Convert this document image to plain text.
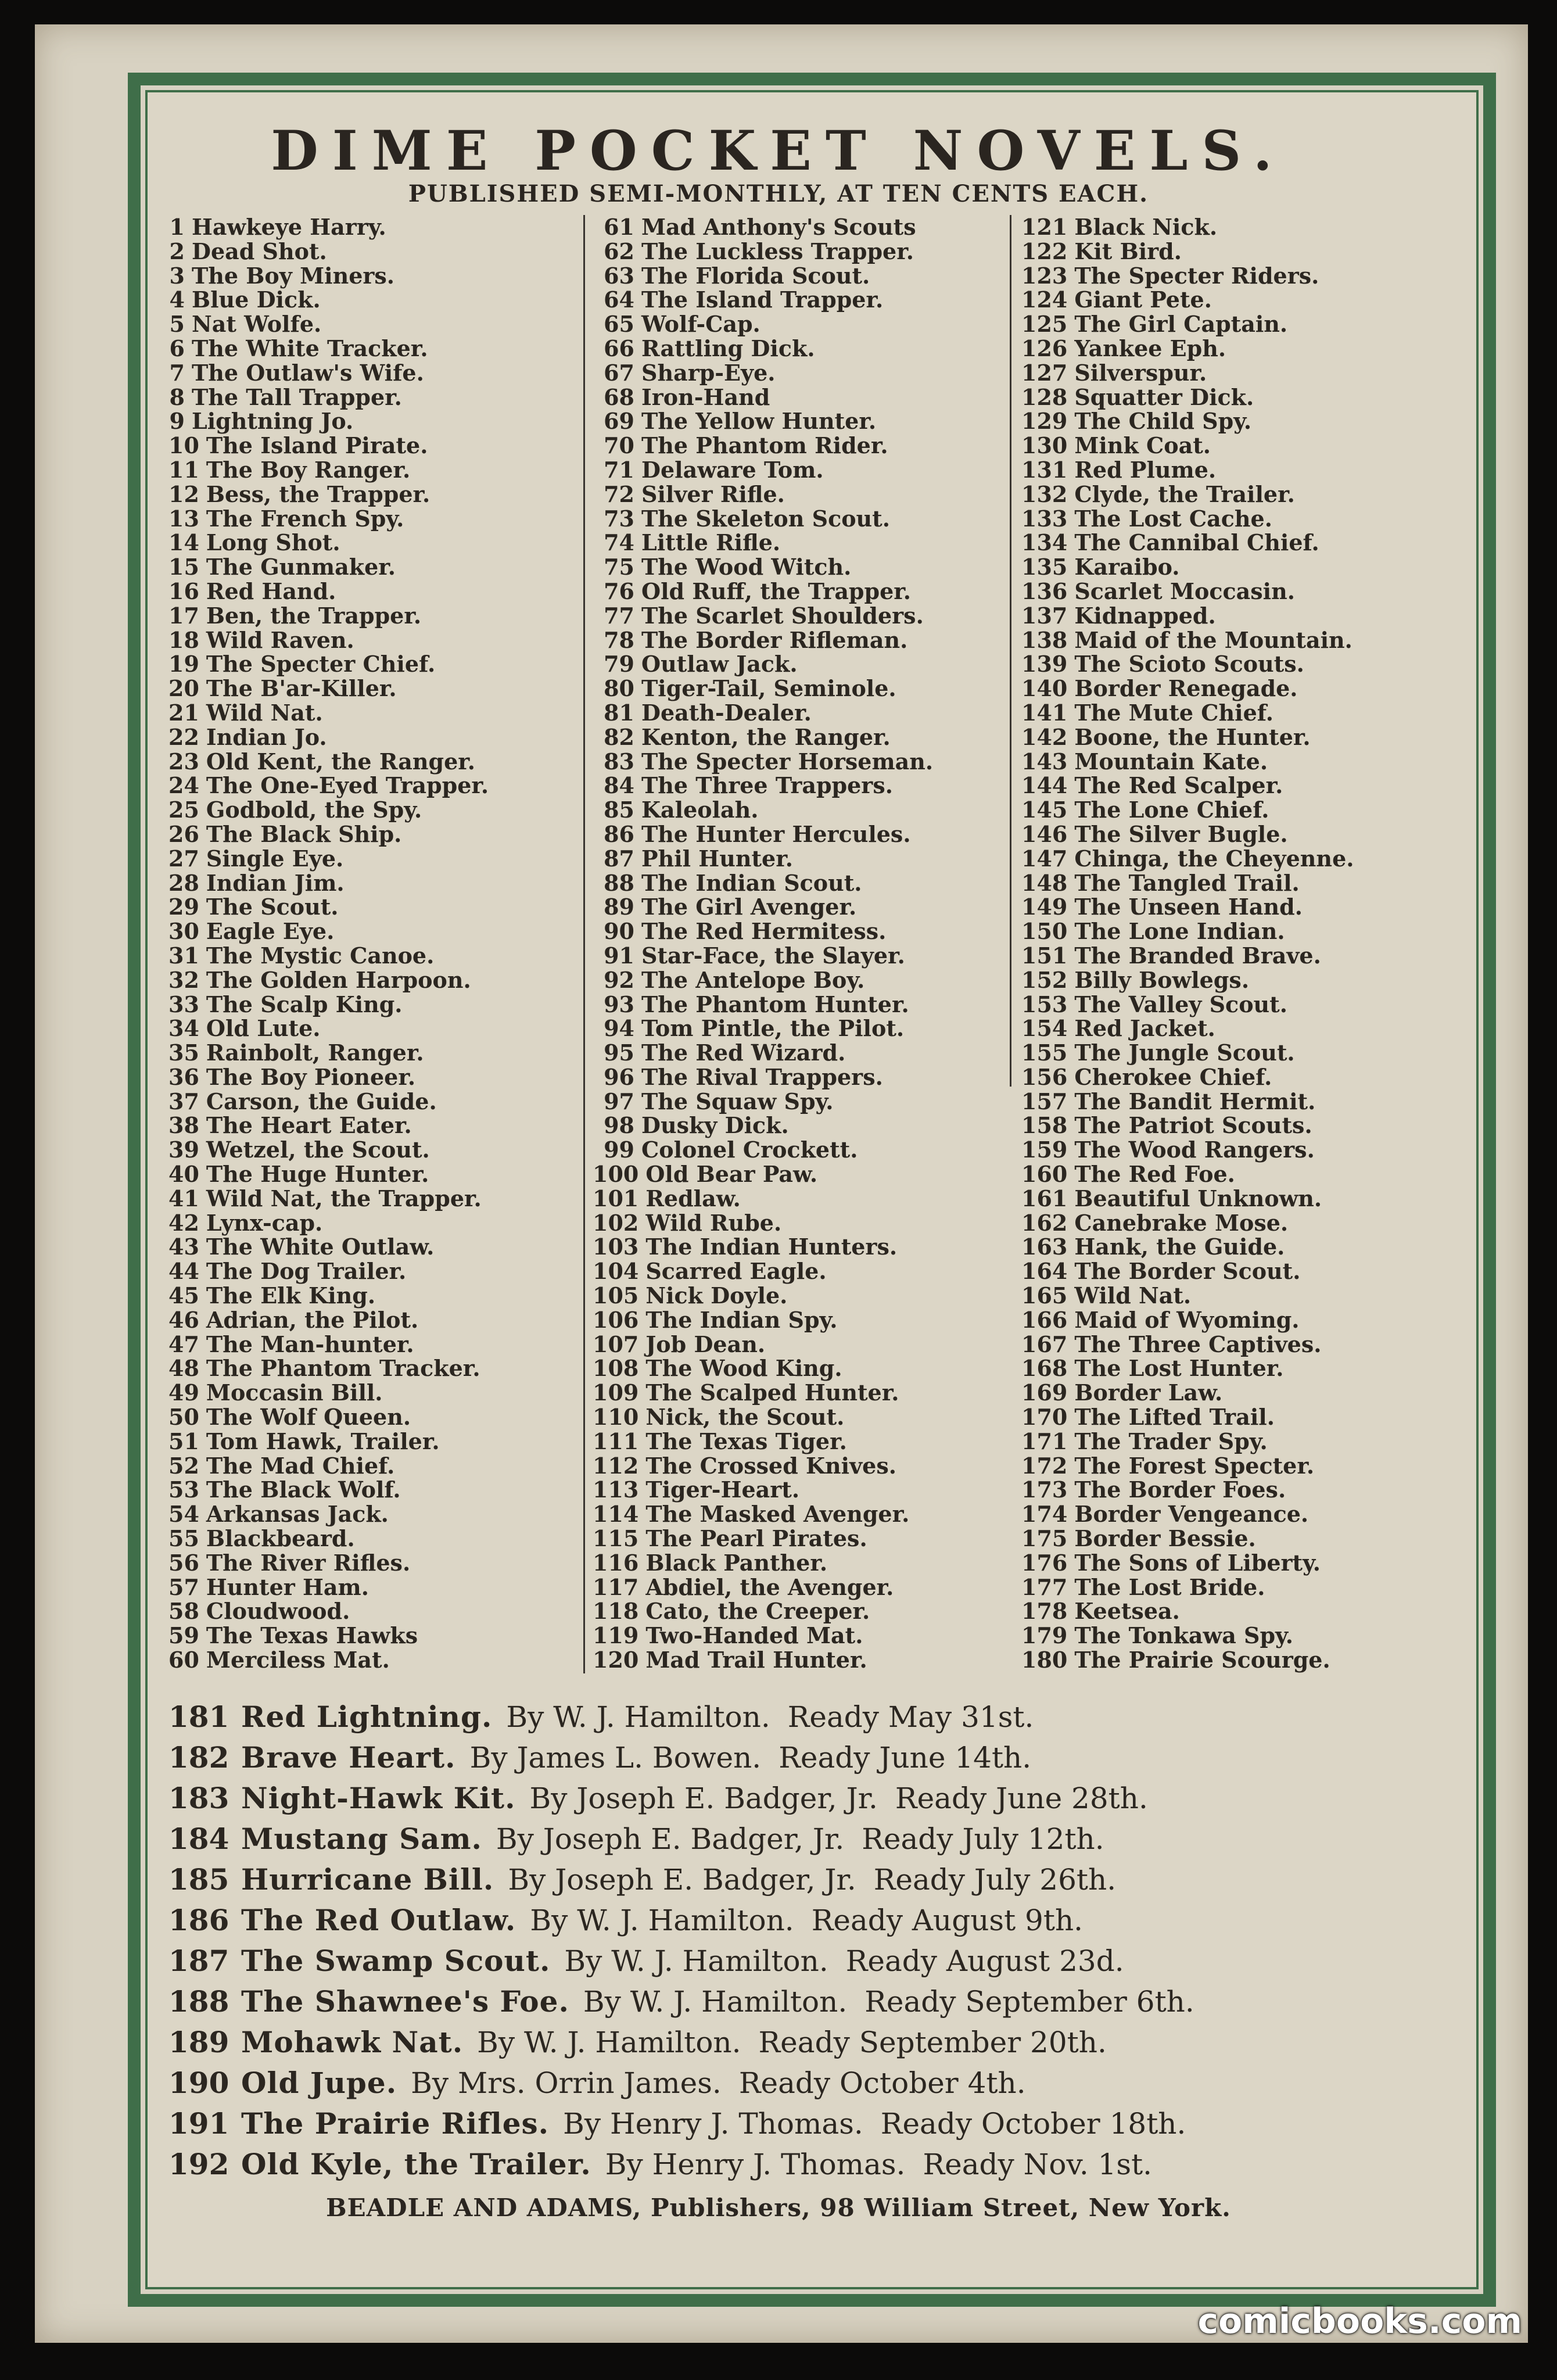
DIME POCKET NOVELS.
PUBLISHED SEMI-MONTHLY, AT TEN CENTS EACH.
1 Hawkeye Harry.
2 Dead Shot.
3 The Boy Miners.
4 Blue Dick.
5 Nat Wolfe.
6 The White Tracker.
7 The Outlaw's Wife.
8 The Tall Trapper.
9 Lightning Jo.
10 The Island Pirate.
11 The Boy Ranger.
12 Bess, the Trapper.
13 The French Spy.
14 Long Shot.
15 The Gunmaker.
16 Red Hand.
17 Ben, the Trapper.
18 Wild Raven.
19 The Specter Chief.
20 The B'ar-Killer.
21 Wild Nat.
22 Indian Jo.
23 Old Kent, the Ranger.
24 The One-Eyed Trapper.
25 Godbold, the Spy.
26 The Black Ship.
27 Single Eye.
28 Indian Jim.
29 The Scout.
30 Eagle Eye.
31 The Mystic Canoe.
32 The Golden Harpoon.
33 The Scalp King.
34 Old Lute.
35 Rainbolt, Ranger.
36 The Boy Pioneer.
37 Carson, the Guide.
38 The Heart Eater.
39 Wetzel, the Scout.
40 The Huge Hunter.
41 Wild Nat, the Trapper.
42 Lynx-cap.
43 The White Outlaw.
44 The Dog Trailer.
45 The Elk King.
46 Adrian, the Pilot.
47 The Man-hunter.
48 The Phantom Tracker.
49 Moccasin Bill.
50 The Wolf Queen.
51 Tom Hawk, Trailer.
52 The Mad Chief.
53 The Black Wolf.
54 Arkansas Jack.
55 Blackbeard.
56 The River Rifles.
57 Hunter Ham.
58 Cloudwood.
59 The Texas Hawks
60 Merciless Mat.
61 Mad Anthony's Scouts
62 The Luckless Trapper.
63 The Florida Scout.
64 The Island Trapper.
65 Wolf-Cap.
66 Rattling Dick.
67 Sharp-Eye.
68 Iron-Hand
69 The Yellow Hunter.
70 The Phantom Rider.
71 Delaware Tom.
72 Silver Rifle.
73 The Skeleton Scout.
74 Little Rifle.
75 The Wood Witch.
76 Old Ruff, the Trapper.
77 The Scarlet Shoulders.
78 The Border Rifleman.
79 Outlaw Jack.
80 Tiger-Tail, Seminole.
81 Death-Dealer.
82 Kenton, the Ranger.
83 The Specter Horseman.
84 The Three Trappers.
85 Kaleolah.
86 The Hunter Hercules.
87 Phil Hunter.
88 The Indian Scout.
89 The Girl Avenger.
90 The Red Hermitess.
91 Star-Face, the Slayer.
92 The Antelope Boy.
93 The Phantom Hunter.
94 Tom Pintle, the Pilot.
95 The Red Wizard.
96 The Rival Trappers.
97 The Squaw Spy.
98 Dusky Dick.
99 Colonel Crockett.
100 Old Bear Paw.
101 Redlaw.
102 Wild Rube.
103 The Indian Hunters.
104 Scarred Eagle.
105 Nick Doyle.
106 The Indian Spy.
107 Job Dean.
108 The Wood King.
109 The Scalped Hunter.
110 Nick, the Scout.
111 The Texas Tiger.
112 The Crossed Knives.
113 Tiger-Heart.
114 The Masked Avenger.
115 The Pearl Pirates.
116 Black Panther.
117 Abdiel, the Avenger.
118 Cato, the Creeper.
119 Two-Handed Mat.
120 Mad Trail Hunter.
121 Black Nick.
122 Kit Bird.
123 The Specter Riders.
124 Giant Pete.
125 The Girl Captain.
126 Yankee Eph.
127 Silverspur.
128 Squatter Dick.
129 The Child Spy.
130 Mink Coat.
131 Red Plume.
132 Clyde, the Trailer.
133 The Lost Cache.
134 The Cannibal Chief.
135 Karaibo.
136 Scarlet Moccasin.
137 Kidnapped.
138 Maid of the Mountain.
139 The Scioto Scouts.
140 Border Renegade.
141 The Mute Chief.
142 Boone, the Hunter.
143 Mountain Kate.
144 The Red Scalper.
145 The Lone Chief.
146 The Silver Bugle.
147 Chinga, the Cheyenne.
148 The Tangled Trail.
149 The Unseen Hand.
150 The Lone Indian.
151 The Branded Brave.
152 Billy Bowlegs.
153 The Valley Scout.
154 Red Jacket.
155 The Jungle Scout.
156 Cherokee Chief.
157 The Bandit Hermit.
158 The Patriot Scouts.
159 The Wood Rangers.
160 The Red Foe.
161 Beautiful Unknown.
162 Canebrake Mose.
163 Hank, the Guide.
164 The Border Scout.
165 Wild Nat.
166 Maid of Wyoming.
167 The Three Captives.
168 The Lost Hunter.
169 Border Law.
170 The Lifted Trail.
171 The Trader Spy.
172 The Forest Specter.
173 The Border Foes.
174 Border Vengeance.
175 Border Bessie.
176 The Sons of Liberty.
177 The Lost Bride.
178 Keetsea.
179 The Tonkawa Spy.
180 The Prairie Scourge.
181 Red Lightning. By W. J. Hamilton. Ready May 31st.
182 Brave Heart. By James L. Bowen. Ready June 14th.
183 Night-Hawk Kit. By Joseph E. Badger, Jr. Ready June 28th.
184 Mustang Sam. By Joseph E. Badger, Jr. Ready July 12th.
185 Hurricane Bill. By Joseph E. Badger, Jr. Ready July 26th.
186 The Red Outlaw. By W. J. Hamilton. Ready August 9th.
187 The Swamp Scout. By W. J. Hamilton. Ready August 23d.
188 The Shawnee's Foe. By W. J. Hamilton. Ready September 6th.
189 Mohawk Nat. By W. J. Hamilton. Ready September 20th.
190 Old Jupe. By Mrs. Orrin James. Ready October 4th.
191 The Prairie Rifles. By Henry J. Thomas. Ready October 18th.
192 Old Kyle, the Trailer. By Henry J. Thomas. Ready Nov. 1st.
BEADLE AND ADAMS, Publishers, 98 William Street, New York.
comicbooks.com
